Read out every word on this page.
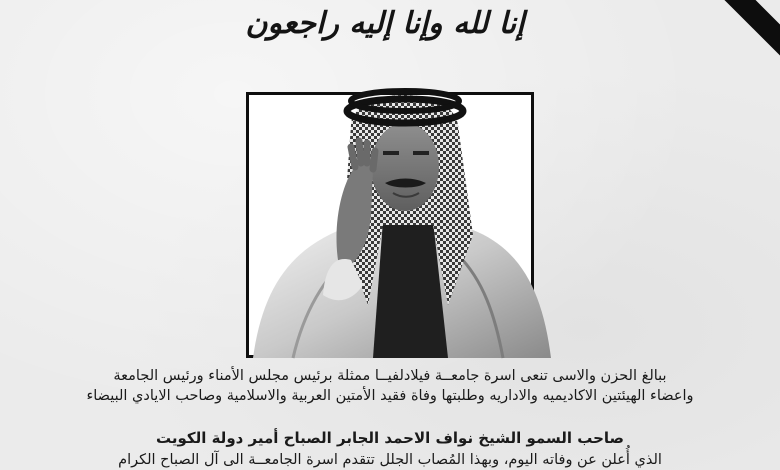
إنا لله وإنا إليه راجعون
ببالغ الحزن والاسى تنعى اسرة جامعــة فيلادلفيــا ممثلة برئيس مجلس الأمناء ورئيس الجامعة
واعضاء الهيئتين الاكاديميه والاداريه وطلبتها وفاة فقيد الأمتين العربية والاسلامية وصاحب الايادي البيضاء
صاحب السمو الشيخ نواف الاحمد الجابر الصباح أمير دولة الكويت
الذي أُعلن عن وفاته اليوم، وبهذا المُصاب الجلل تتقدم اسرة الجامعــة الى آل الصباح الكرام
